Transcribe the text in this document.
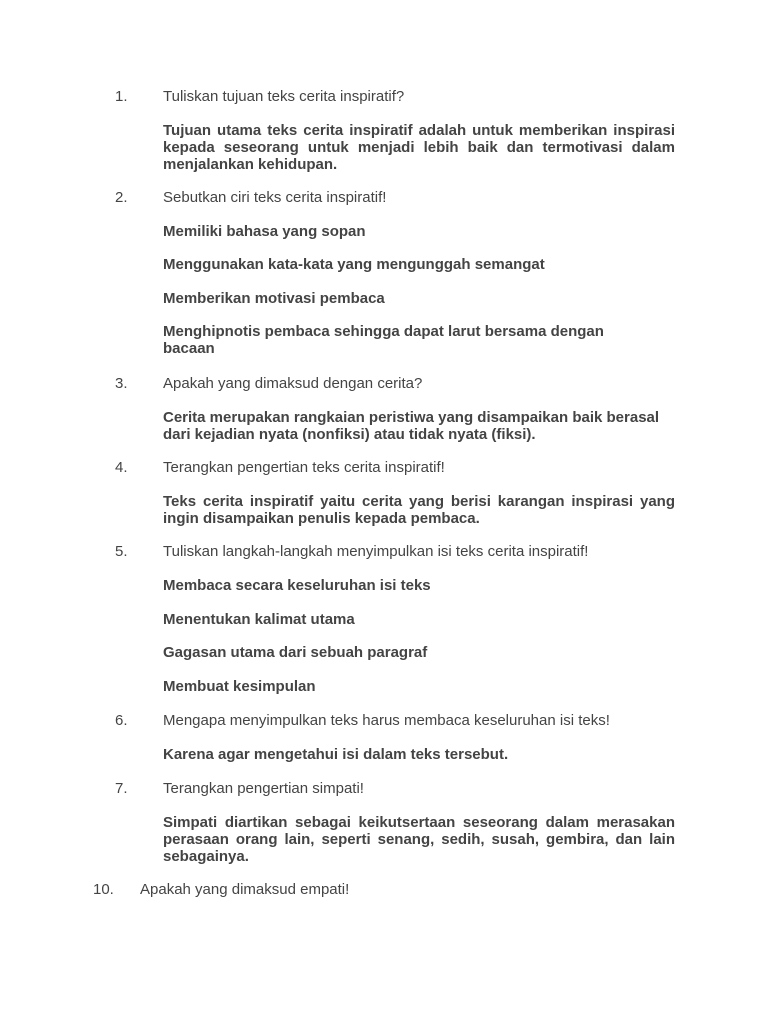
1. Tuliskan tujuan teks cerita inspiratif?
Tujuan utama teks cerita inspiratif adalah untuk memberikan inspirasi kepada seseorang untuk menjadi lebih baik dan termotivasi dalam menjalankan kehidupan.
2. Sebutkan ciri teks cerita inspiratif!
Memiliki bahasa yang sopan
Menggunakan kata-kata yang mengunggah semangat
Memberikan motivasi pembaca
Menghipnotis pembaca sehingga dapat larut bersama dengan bacaan
3. Apakah yang dimaksud dengan cerita?
Cerita merupakan rangkaian peristiwa yang disampaikan baik berasal dari kejadian nyata (nonfiksi) atau tidak nyata (fiksi).
4. Terangkan pengertian teks cerita inspiratif!
Teks cerita inspiratif yaitu cerita yang berisi karangan inspirasi yang ingin disampaikan penulis kepada pembaca.
5. Tuliskan langkah-langkah menyimpulkan isi teks cerita inspiratif!
Membaca secara keseluruhan isi teks
Menentukan kalimat utama
Gagasan utama dari sebuah paragraf
Membuat kesimpulan
6. Mengapa menyimpulkan teks harus membaca keseluruhan isi teks!
Karena agar mengetahui isi dalam teks tersebut.
7. Terangkan pengertian simpati!
Simpati diartikan sebagai keikutsertaan seseorang dalam merasakan perasaan orang lain, seperti senang, sedih, susah, gembira, dan lain sebagainya.
10. Apakah yang dimaksud empati!
